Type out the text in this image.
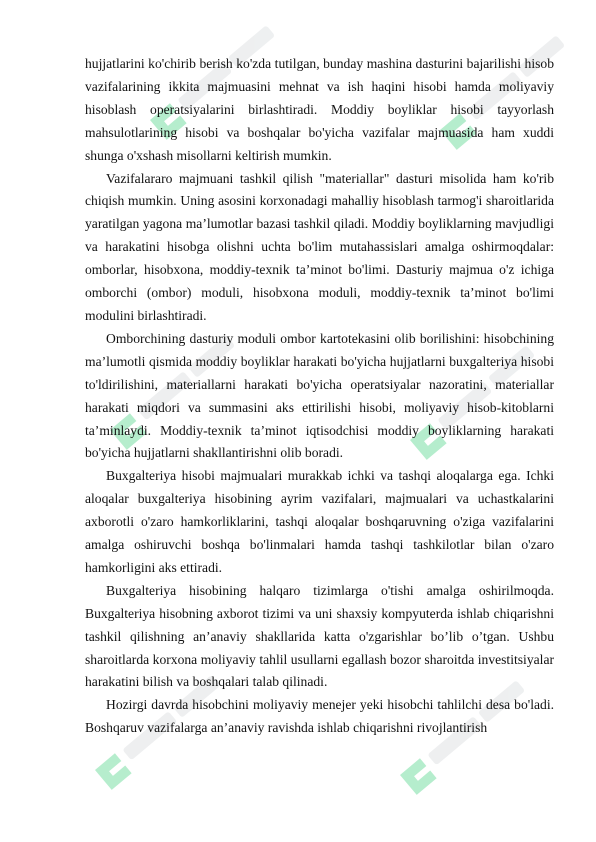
hujjatlarini ko'chirib berish ko'zda tutilgan, bunday mashina dasturini bajarilishi hisob vazifalarining ikkita majmuasini mehnat va ish haqini hisobi hamda moliyaviy hisoblash operatsiyalarini birlashtiradi. Moddiy boyliklar hisobi tayyorlash mahsulotlarining hisobi va boshqalar bo'yicha vazifalar majmuasida ham xuddi shunga o'xshash misollarni keltirish mumkin.

Vazifalararo majmuani tashkil qilish "materiallar" dasturi misolida ham ko'rib chiqish mumkin. Uning asosini korxonadagi mahalliy hisoblash tarmog'i sharoitlarida yaratilgan yagona ma’lumotlar bazasi tashkil qiladi. Moddiy boyliklarning mavjudligi va harakatini hisobga olishni uchta bo'lim mutahassislari amalga oshirmoqdalar: omborlar, hisobxona, moddiy-texnik ta’minot bo'limi. Dasturiy majmua o'z ichiga omborchi (ombor) moduli, hisobxona moduli, moddiy-texnik ta’minot bo'limi modulini birlashtiradi.

Omborchining dasturiy moduli ombor kartotekasini olib borilishini: hisobchining ma’lumotli qismida moddiy boyliklar harakati bo'yicha hujjatlarni buxgalteriya hisobi to'ldirilishini, materiallarni harakati bo'yicha operatsiyalar nazoratini, materiallar harakati miqdori va summasini aks ettirilishi hisobi, moliyaviy hisob-kitoblarni ta’minlaydi. Moddiy-texnik ta’minot iqtisodchisi moddiy boyliklarning harakati bo'yicha hujjatlarni shakllantirishni olib boradi.

Buxgalteriya hisobi majmualari murakkab ichki va tashqi aloqalarga ega. Ichki aloqalar buxgalteriya hisobining ayrim vazifalari, majmualari va uchastkalarini axborotli o'zaro hamkorliklarini, tashqi aloqalar boshqaruvning o'ziga vazifalarini amalga oshiruvchi boshqa bo'linmalari hamda tashqi tashkilotlar bilan o'zaro hamkorligini aks ettiradi.

Buxgalteriya hisobining halqaro tizimlarga o'tishi amalga oshirilmoqda. Buxgalteriya hisobning axborot tizimi va uni shaxsiy kompyuterda ishlab chiqarishni tashkil qilishning an’anaviy shakllarida katta o'zgarishlar bo’lib o’tgan. Ushbu sharoitlarda korxona moliyaviy tahlil usullarni egallash bozor sharoitda investitsiyalar harakatini bilish va boshqalari talab qilinadi.

Hozirgi davrda hisobchini moliyaviy menejer yeki hisobchi tahlilchi desa bo'ladi. Boshqaruv vazifalarga an’anaviy ravishda ishlab chiqarishni rivojlantirish
